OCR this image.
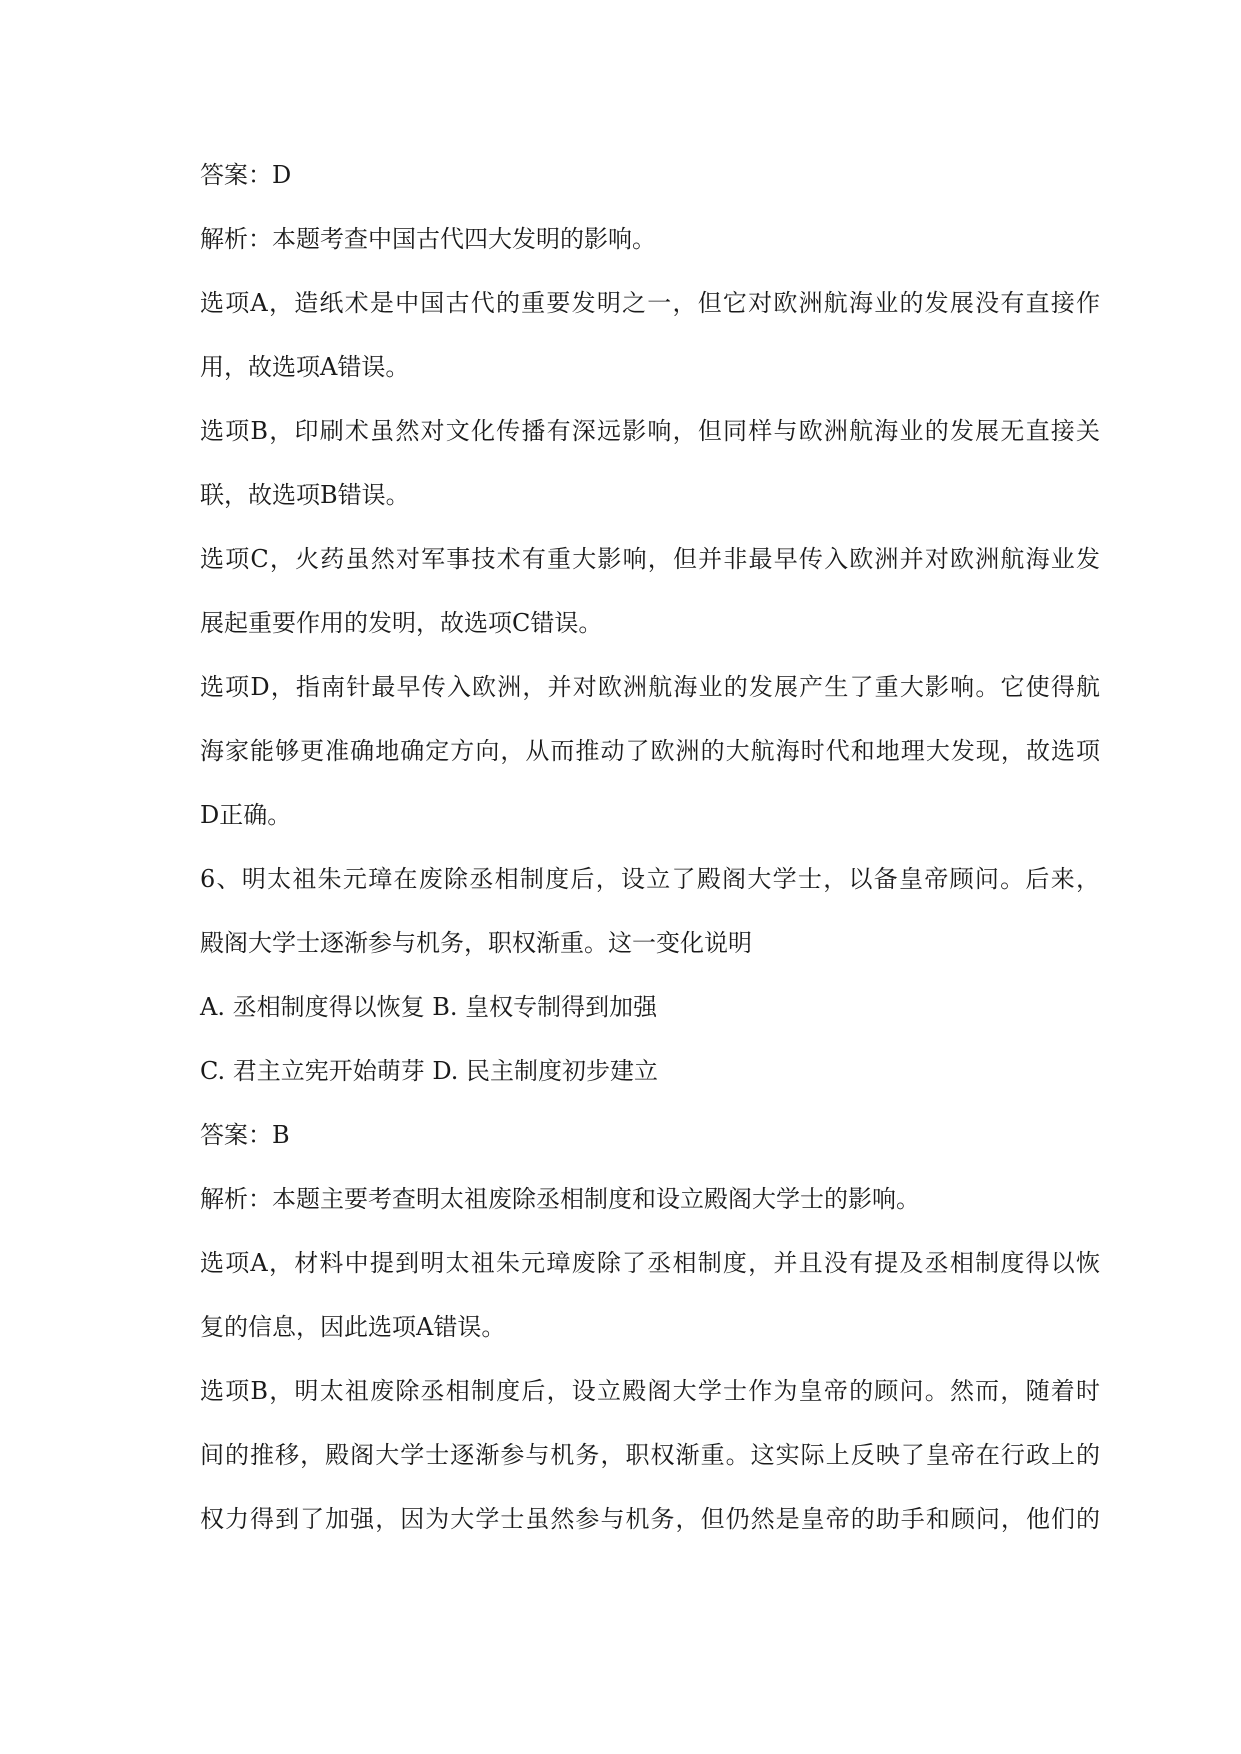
答案：D
解析：本题考查中国古代四大发明的影响。
选项A，造纸术是中国古代的重要发明之一，但它对欧洲航海业的发展没有直接作
用，故选项A错误。
选项B，印刷术虽然对文化传播有深远影响，但同样与欧洲航海业的发展无直接关
联，故选项B错误。
选项C，火药虽然对军事技术有重大影响，但并非最早传入欧洲并对欧洲航海业发
展起重要作用的发明，故选项C错误。
选项D，指南针最早传入欧洲，并对欧洲航海业的发展产生了重大影响。它使得航
海家能够更准确地确定方向，从而推动了欧洲的大航海时代和地理大发现，故选项
D正确。
6、明太祖朱元璋在废除丞相制度后，设立了殿阁大学士，以备皇帝顾问。后来，
殿阁大学士逐渐参与机务，职权渐重。这一变化说明
A. 丞相制度得以恢复 B. 皇权专制得到加强
C. 君主立宪开始萌芽 D. 民主制度初步建立
答案：B
解析：本题主要考查明太祖废除丞相制度和设立殿阁大学士的影响。
选项A，材料中提到明太祖朱元璋废除了丞相制度，并且没有提及丞相制度得以恢
复的信息，因此选项A错误。
选项B，明太祖废除丞相制度后，设立殿阁大学士作为皇帝的顾问。然而，随着时
间的推移，殿阁大学士逐渐参与机务，职权渐重。这实际上反映了皇帝在行政上的
权力得到了加强，因为大学士虽然参与机务，但仍然是皇帝的助手和顾问，他们的
